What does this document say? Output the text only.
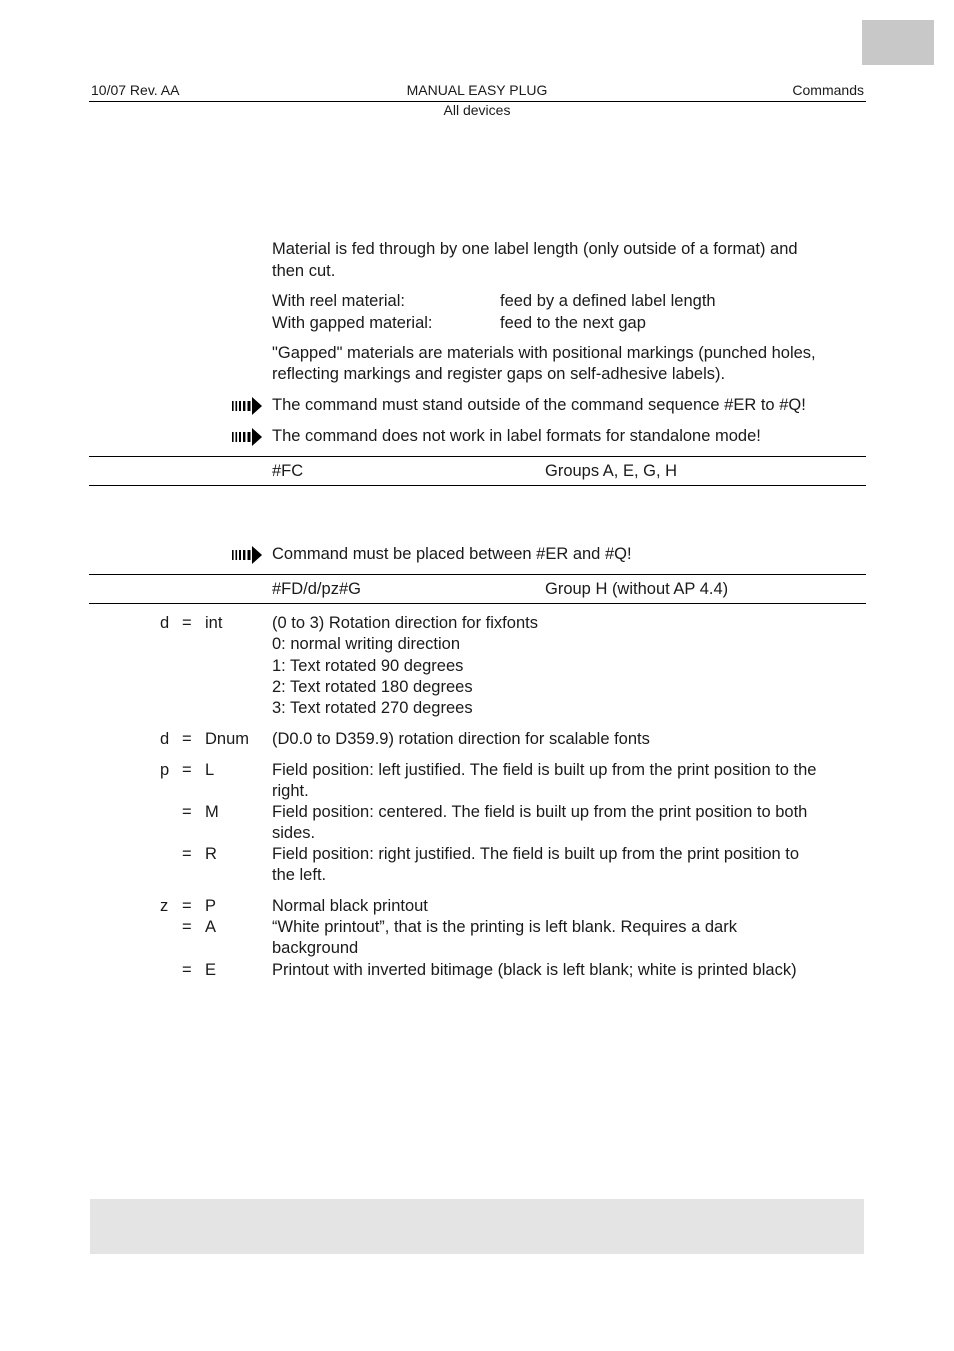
10/07 Rev. AA	MANUAL EASY PLUG	Commands
All devices
Material is fed through by one label length (only outside of a format) and
then cut.
With reel material:	feed by a defined label length
With gapped material:	feed to the next gap
"Gapped" materials are materials with positional markings (punched holes,
reflecting markings and register gaps on self-adhesive labels).
The command must stand outside of the command sequence #ER to #Q!
The command does not work in label formats for standalone mode!
#FC	Groups A, E, G, H
Command must be placed between #ER and #Q!
#FD/d/pz#G	Group H (without AP 4.4)
d = int	(0 to 3) Rotation direction for fixfonts
0: normal writing direction
1: Text rotated 90 degrees
2: Text rotated 180 degrees
3: Text rotated 270 degrees
d = Dnum (D0.0 to D359.9) rotation direction for scalable fonts
p = L	Field position: left justified. The field is built up from the print position to the
right.
= M	Field position: centered. The field is built up from the print position to both
sides.
= R	Field position: right justified. The field is built up from the print position to
the left.
z = P	Normal black printout
= A	“White printout”, that is the printing is left blank. Requires a dark
background
= E	Printout with inverted bitimage (black is left blank; white is printed black)
